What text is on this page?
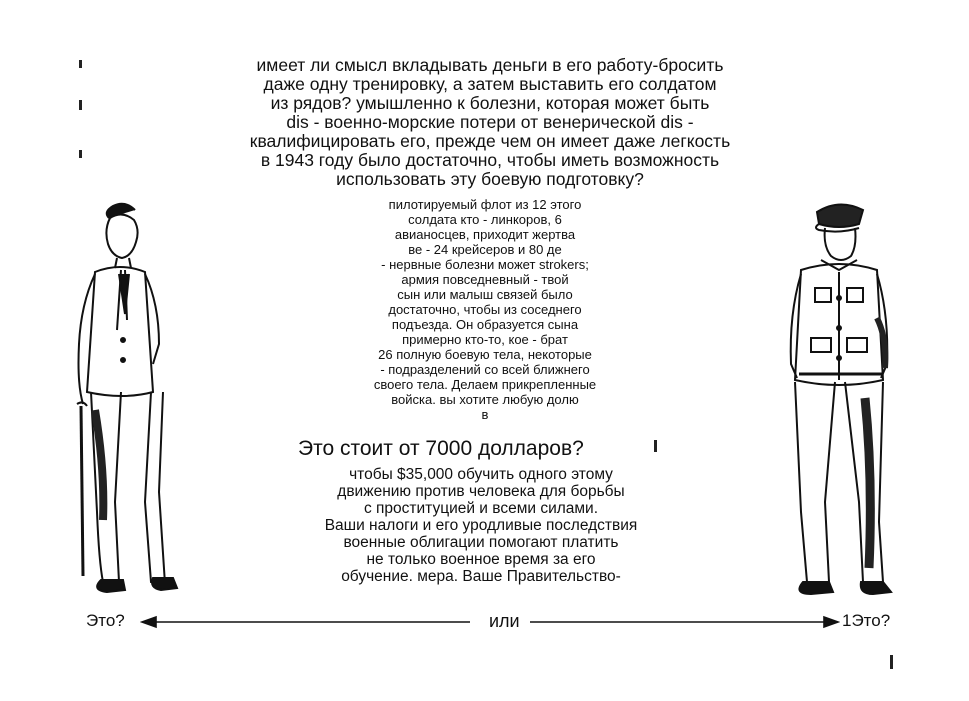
имеет ли смысл вкладывать деньги в его работу-бросить
даже одну тренировку, а затем выставить его солдатом
из рядов? умышленно к болезни, которая может быть
dis - военно-морские потери от венерической dis -
квалифицировать его, прежде чем он имеет даже легкость
в 1943 году было достаточно, чтобы иметь возможность
использовать эту боевую подготовку?
пилотируемый флот из 12 этого
солдата кто - линкоров, 6
авианосцев, приходит жертва
ве - 24 крейсеров и 80 де
- нервные болезни может strokers;
армия повседневный - твой
сын или малыш связей было
достаточно, чтобы из соседнего
подъезда. Он образуется сына
примерно кто-то, кое - брат
26 полную боевую тела, некоторые
- подразделений со всей ближнего
своего тела. Делаем прикрепленные
войска. вы хотите любую долю
в
Это стоит от 7000 долларов?
чтобы $35,000 обучить одного этому
движению против человека для борьбы
с проституцией и всеми силами.
Ваши налоги и его уродливые последствия
военные облигации помогают платить
не только военное время за его
обучение. мера. Ваше Правительство-
Это?	или	1Это?
